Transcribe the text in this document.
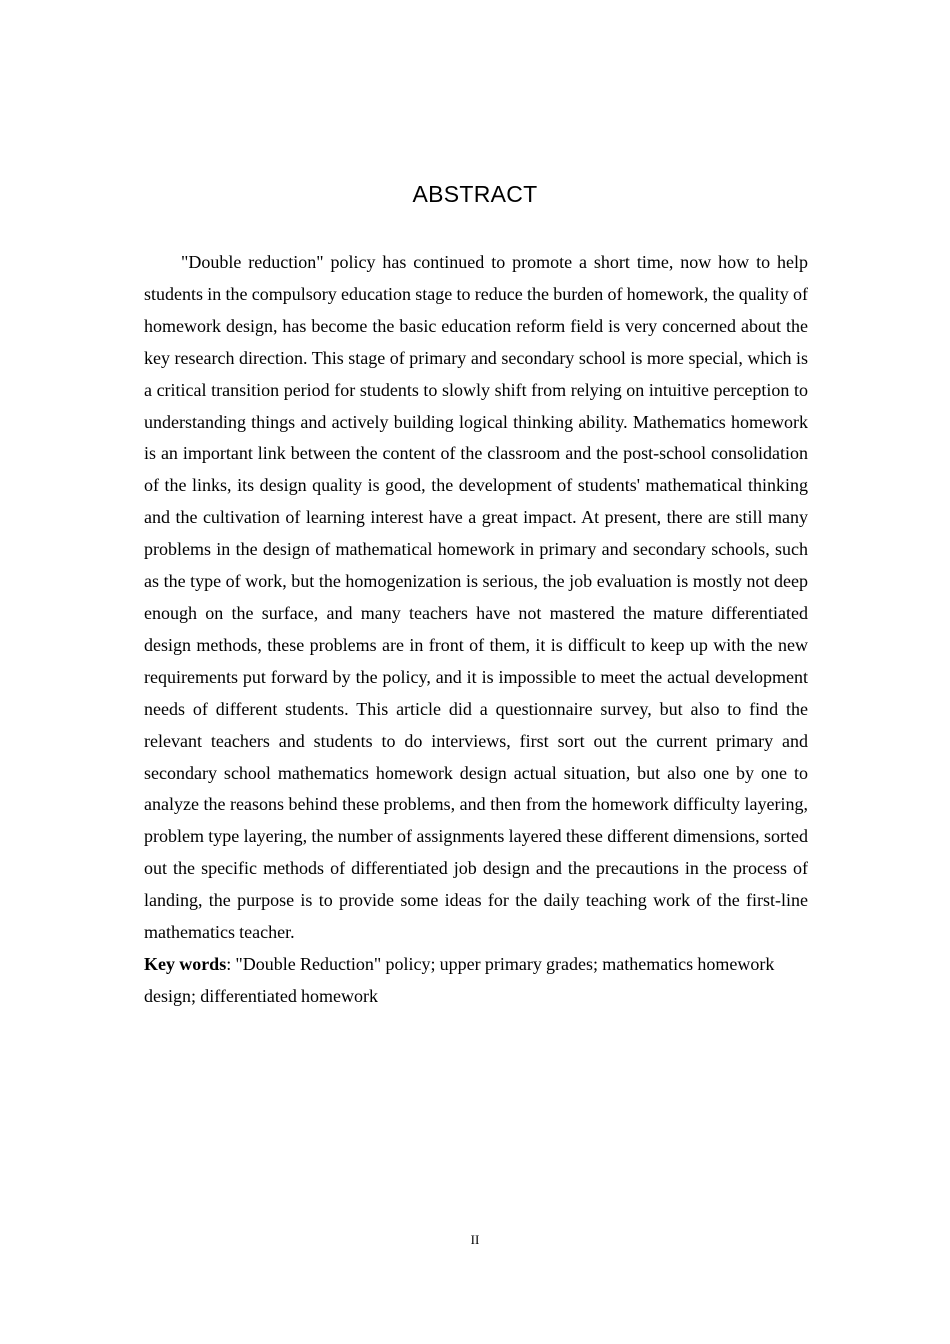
ABSTRACT

"Double reduction" policy has continued to promote a short time, now how to help students in the compulsory education stage to reduce the burden of homework, the quality of homework design, has become the basic education reform field is very concerned about the key research direction. This stage of primary and secondary school is more special, which is a critical transition period for students to slowly shift from relying on intuitive perception to understanding things and actively building logical thinking ability. Mathematics homework is an important link between the content of the classroom and the post-school consolidation of the links, its design quality is good, the development of students' mathematical thinking and the cultivation of learning interest have a great impact. At present, there are still many problems in the design of mathematical homework in primary and secondary schools, such as the type of work, but the homogenization is serious, the job evaluation is mostly not deep enough on the surface, and many teachers have not mastered the mature differentiated design methods, these problems are in front of them, it is difficult to keep up with the new requirements put forward by the policy, and it is impossible to meet the actual development needs of different students. This article did a questionnaire survey, but also to find the relevant teachers and students to do interviews, first sort out the current primary and secondary school mathematics homework design actual situation, but also one by one to analyze the reasons behind these problems, and then from the homework difficulty layering, problem type layering, the number of assignments layered these different dimensions, sorted out the specific methods of differentiated job design and the precautions in the process of landing, the purpose is to provide some ideas for the daily teaching work of the first-line mathematics teacher.

Key words: "Double Reduction" policy; upper primary grades; mathematics homework design; differentiated homework

II
